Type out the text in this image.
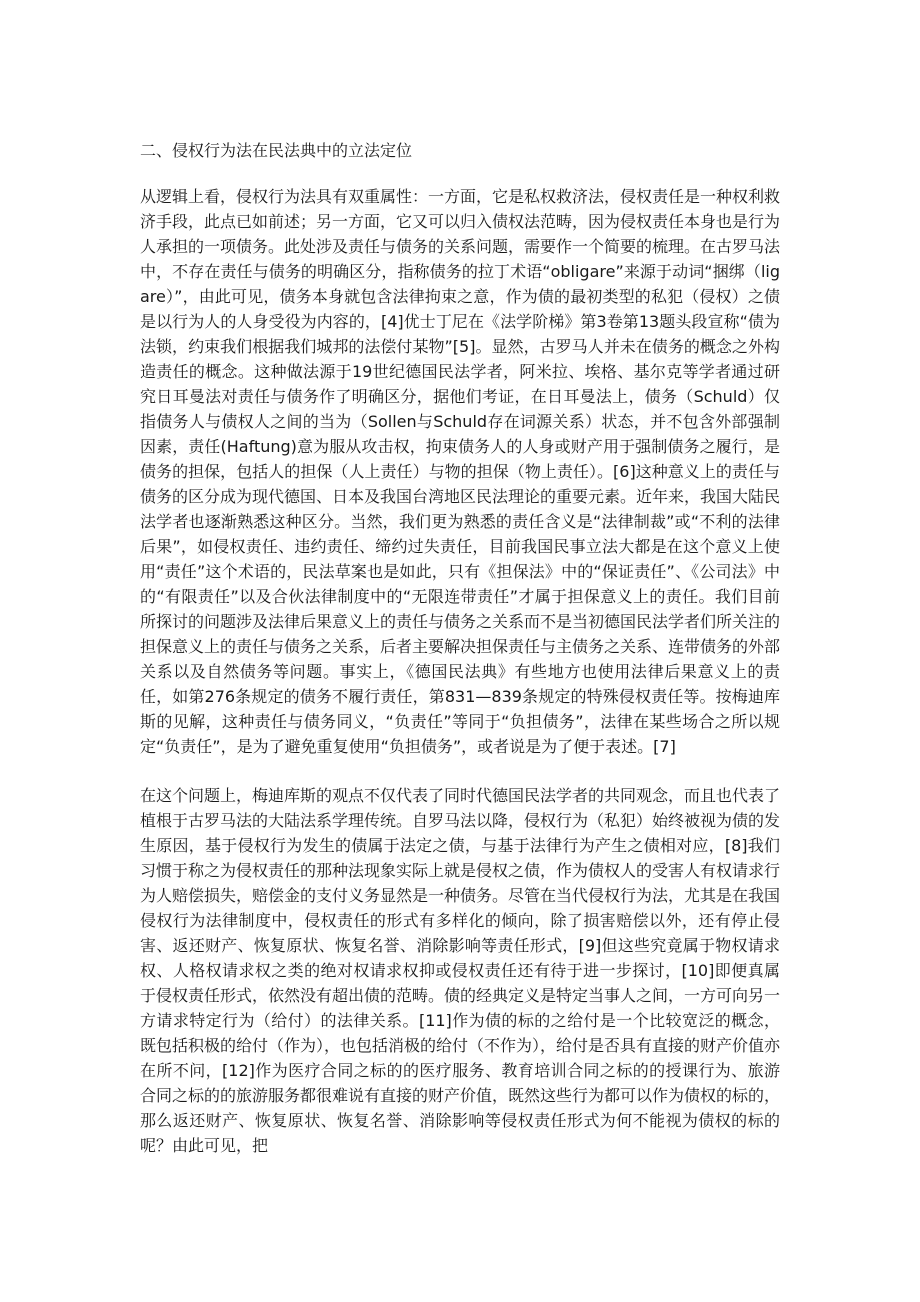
二、侵权行为法在民法典中的立法定位
从逻辑上看，侵权行为法具有双重属性：一方面，它是私权救济法，侵权责任是一种权利救济手段，此点已如前述；另一方面，它又可以归入债权法范畴，因为侵权责任本身也是行为人承担的一项债务。此处涉及责任与债务的关系问题，需要作一个简要的梳理。在古罗马法中，不存在责任与债务的明确区分，指称债务的拉丁术语“obligare”来源于动词“捆绑（ligare）”，由此可见，债务本身就包含法律拘束之意，作为债的最初类型的私犯（侵权）之债是以行为人的人身受役为内容的，[4]优士丁尼在《法学阶梯》第3卷第13题头段宣称“债为法锁，约束我们根据我们城邦的法偿付某物”[5]。显然，古罗马人并未在债务的概念之外构造责任的概念。这种做法源于19世纪德国民法学者，阿米拉、埃格、基尔克等学者通过研究日耳曼法对责任与债务作了明确区分，据他们考证，在日耳曼法上，债务（Schuld）仅指债务人与债权人之间的当为（Sollen与Schuld存在词源关系）状态，并不包含外部强制因素，责任(Haftung)意为服从攻击权，拘束债务人的人身或财产用于强制债务之履行，是债务的担保，包括人的担保（人上责任）与物的担保（物上责任）。[6]这种意义上的责任与债务的区分成为现代德国、日本及我国台湾地区民法理论的重要元素。近年来，我国大陆民法学者也逐渐熟悉这种区分。当然，我们更为熟悉的责任含义是“法律制裁”或“不利的法律后果”，如侵权责任、违约责任、缔约过失责任，目前我国民事立法大都是在这个意义上使用“责任”这个术语的，民法草案也是如此，只有《担保法》中的“保证责任”、《公司法》中的“有限责任”以及合伙法律制度中的“无限连带责任”才属于担保意义上的责任。我们目前所探讨的问题涉及法律后果意义上的责任与债务之关系而不是当初德国民法学者们所关注的担保意义上的责任与债务之关系，后者主要解决担保责任与主债务之关系、连带债务的外部关系以及自然债务等问题。事实上，《德国民法典》有些地方也使用法律后果意义上的责任，如第276条规定的债务不履行责任，第831—839条规定的特殊侵权责任等。按梅迪库斯的见解，这种责任与债务同义，“负责任”等同于“负担债务”，法律在某些场合之所以规定“负责任”，是为了避免重复使用“负担债务”，或者说是为了便于表述。[7]
在这个问题上，梅迪库斯的观点不仅代表了同时代德国民法学者的共同观念，而且也代表了植根于古罗马法的大陆法系学理传统。自罗马法以降，侵权行为（私犯）始终被视为债的发生原因，基于侵权行为发生的债属于法定之债，与基于法律行为产生之债相对应，[8]我们习惯于称之为侵权责任的那种法现象实际上就是侵权之债，作为债权人的受害人有权请求行为人赔偿损失，赔偿金的支付义务显然是一种债务。尽管在当代侵权行为法，尤其是在我国侵权行为法律制度中，侵权责任的形式有多样化的倾向，除了损害赔偿以外，还有停止侵害、返还财产、恢复原状、恢复名誉、消除影响等责任形式，[9]但这些究竟属于物权请求权、人格权请求权之类的绝对权请求权抑或侵权责任还有待于进一步探讨，[10]即便真属于侵权责任形式，依然没有超出债的范畴。债的经典定义是特定当事人之间，一方可向另一方请求特定行为（给付）的法律关系。[11]作为债的标的之给付是一个比较宽泛的概念，既包括积极的给付（作为），也包括消极的给付（不作为），给付是否具有直接的财产价值亦在所不问，[12]作为医疗合同之标的的医疗服务、教育培训合同之标的的授课行为、旅游合同之标的的旅游服务都很难说有直接的财产价值，既然这些行为都可以作为债权的标的，那么返还财产、恢复原状、恢复名誉、消除影响等侵权责任形式为何不能视为债权的标的呢？由此可见，把
